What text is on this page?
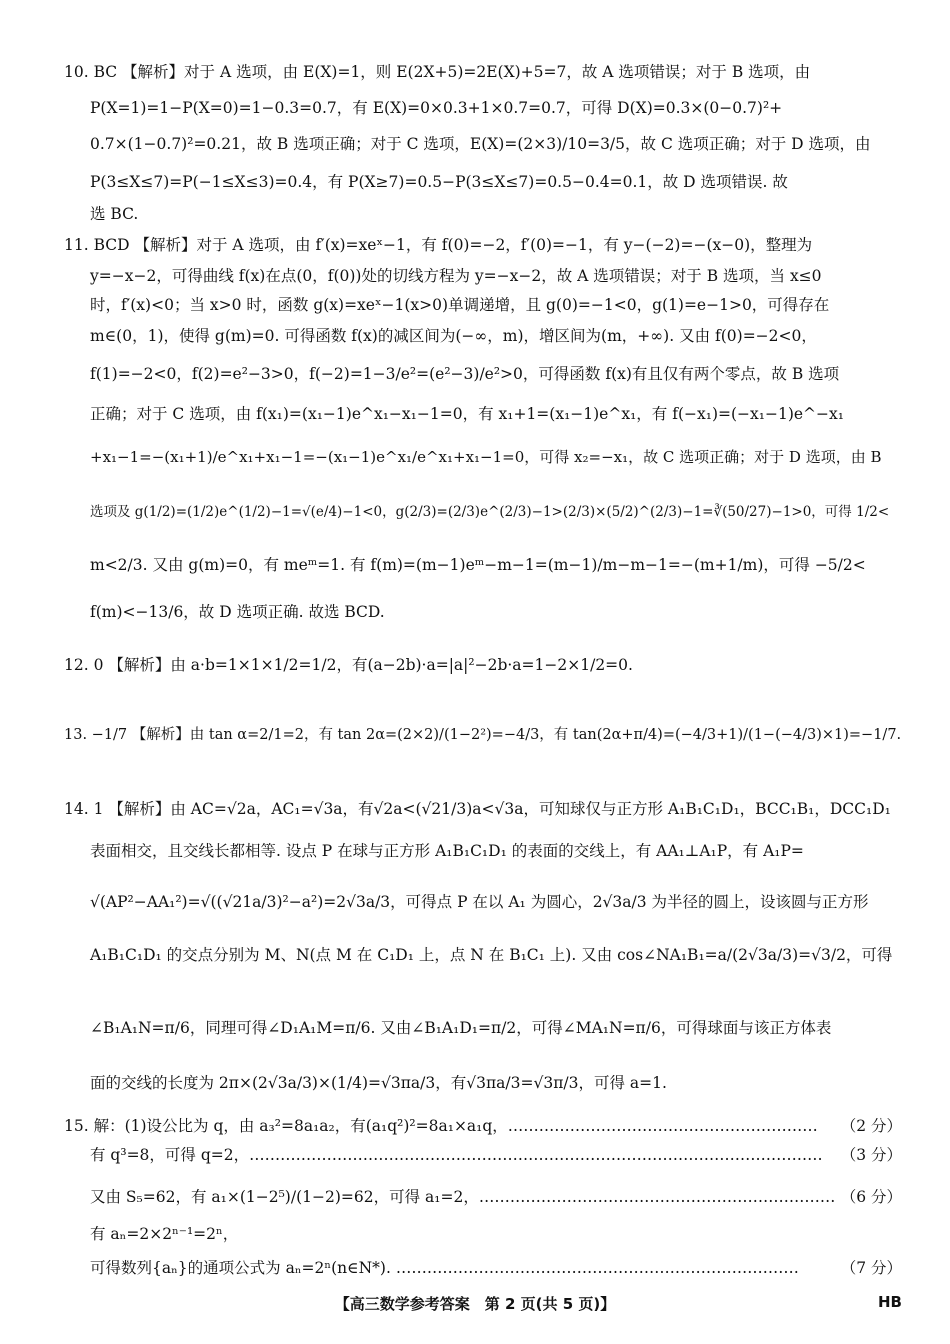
10. BC 【解析】对于 A 选项，由 E(X)=1，则 E(2X+5)=2E(X)+5=7，故 A 选项错误；对于 B 选项，由
P(X=1)=1−P(X=0)=1−0.3=0.7，有 E(X)=0×0.3+1×0.7=0.7，可得 D(X)=0.3×(0−0.7)²+
0.7×(1−0.7)²=0.21，故 B 选项正确；对于 C 选项，E(X)=(2×3)/10=3/5，故 C 选项正确；对于 D 选项，由
P(3≤X≤7)=P(−1≤X≤3)=0.4，有 P(X≥7)=0.5−P(3≤X≤7)=0.5−0.4=0.1，故 D 选项错误. 故
选 BC.
11. BCD 【解析】对于 A 选项，由 f′(x)=xeˣ−1，有 f(0)=−2，f′(0)=−1，有 y−(−2)=−(x−0)，整理为
y=−x−2，可得曲线 f(x)在点(0，f(0))处的切线方程为 y=−x−2，故 A 选项错误；对于 B 选项，当 x≤0
时，f′(x)<0；当 x>0 时，函数 g(x)=xeˣ−1(x>0)单调递增，且 g(0)=−1<0，g(1)=e−1>0，可得存在
m∈(0，1)，使得 g(m)=0. 可得函数 f(x)的减区间为(−∞，m)，增区间为(m，+∞). 又由 f(0)=−2<0，
f(1)=−2<0，f(2)=e²−3>0，f(−2)=1−3/e²=(e²−3)/e²>0，可得函数 f(x)有且仅有两个零点，故 B 选项
正确；对于 C 选项，由 f(x₁)=(x₁−1)e^x₁−x₁−1=0，有 x₁+1=(x₁−1)e^x₁，有 f(−x₁)=(−x₁−1)e^−x₁
+x₁−1=−(x₁+1)/e^x₁+x₁−1=−(x₁−1)e^x₁/e^x₁+x₁−1=0，可得 x₂=−x₁，故 C 选项正确；对于 D 选项，由 B
选项及 g(1/2)=(1/2)e^(1/2)−1=√(e/4)−1<0，g(2/3)=(2/3)e^(2/3)−1>(2/3)×(5/2)^(2/3)−1=∛(50/27)−1>0，可得 1/2<
m<2/3. 又由 g(m)=0，有 meᵐ=1. 有 f(m)=(m−1)eᵐ−m−1=(m−1)/m−m−1=−(m+1/m)，可得 −5/2<
f(m)<−13/6，故 D 选项正确. 故选 BCD.
12. 0 【解析】由 a·b=1×1×1/2=1/2，有(a−2b)·a=|a|²−2b·a=1−2×1/2=0.
13. −1/7 【解析】由 tan α=2/1=2，有 tan 2α=(2×2)/(1−2²)=−4/3，有 tan(2α+π/4)=(−4/3+1)/(1−(−4/3)×1)=−1/7.
14. 1 【解析】由 AC=√2a，AC₁=√3a，有√2a<(√21/3)a<√3a，可知球仅与正方形 A₁B₁C₁D₁，BCC₁B₁，DCC₁D₁
表面相交，且交线长都相等. 设点 P 在球与正方形 A₁B₁C₁D₁ 的表面的交线上，有 AA₁⊥A₁P，有 A₁P=
√(AP²−AA₁²)=√((√21a/3)²−a²)=2√3a/3，可得点 P 在以 A₁ 为圆心，2√3a/3 为半径的圆上，设该圆与正方形
A₁B₁C₁D₁ 的交点分别为 M、N(点 M 在 C₁D₁ 上，点 N 在 B₁C₁ 上). 又由 cos∠NA₁B₁=a/(2√3a/3)=√3/2，可得
∠B₁A₁N=π/6，同理可得∠D₁A₁M=π/6. 又由∠B₁A₁D₁=π/2，可得∠MA₁N=π/6，可得球面与该正方体表
面的交线的长度为 2π×(2√3a/3)×(1/4)=√3πa/3，有√3πa/3=√3π/3，可得 a=1.
15. 解：(1)设公比为 q，由 a₃²=8a₁a₂，有(a₁q²)²=8a₁×a₁q，……………………………………………………	（2 分）
有 q³=8，可得 q=2，…………………………………………………………………………………………………	（3 分）
又由 S₅=62，有 a₁×(1−2⁵)/(1−2)=62，可得 a₁=2，…………………………………………………………… （6 分）
有 aₙ=2×2ⁿ⁻¹=2ⁿ，
可得数列{aₙ}的通项公式为 aₙ=2ⁿ(n∈N*). ……………………………………………………………………	（7 分）
【高三数学参考答案　第 2 页(共 5 页)】	HB
